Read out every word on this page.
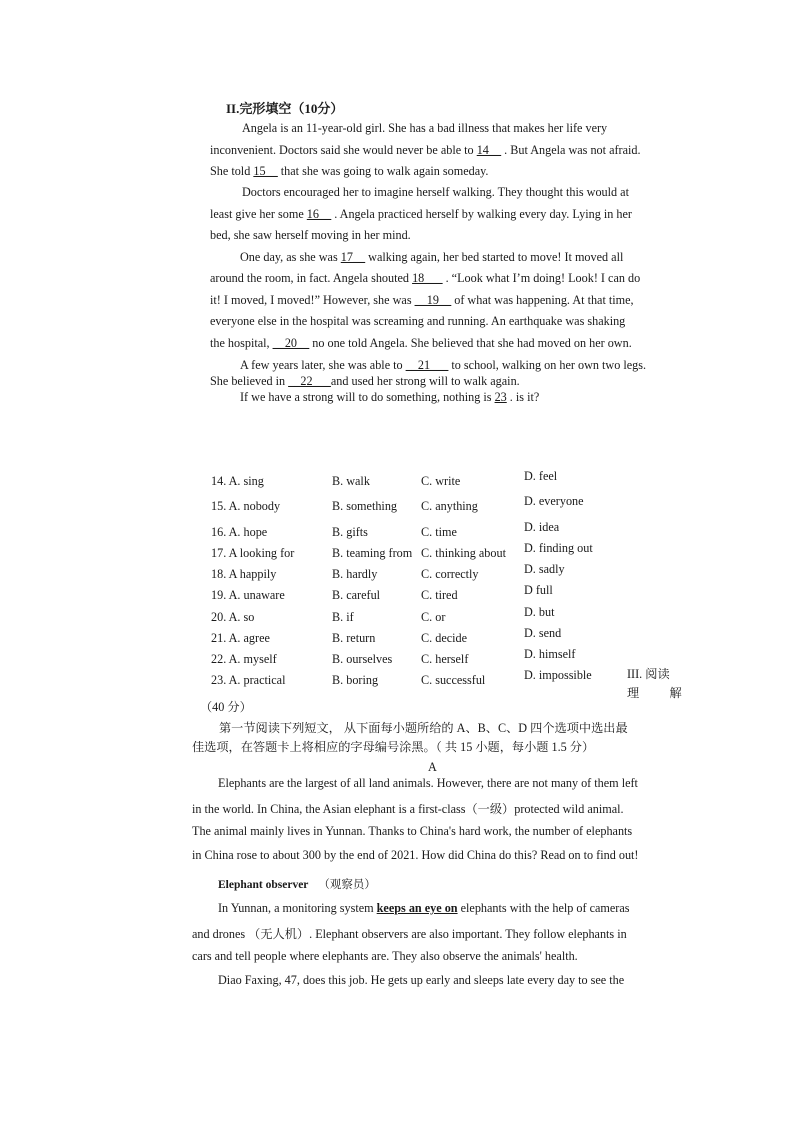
II.完形填空（10分）
Angela is an 11-year-old girl. She has a bad illness that makes her life very
inconvenient. Doctors said she would never be able to 14__ . But Angela was not afraid.
She told 15__ that she was going to walk again someday.
Doctors encouraged her to imagine herself walking. They thought this would at
least give her some 16__ . Angela practiced herself by walking every day. Lying in her
bed, she saw herself moving in her mind.
One day, as she was 17__ walking again, her bed started to move! It moved all
around the room, in fact. Angela shouted 18___ . “Look what I’m doing! Look! I can do
it! I moved, I moved!” However, she was __19__ of what was happening. At that time,
everyone else in the hospital was screaming and running. An earthquake was shaking
the hospital, __20__ no one told Angela. She believed that she had moved on her own.
A few years later, she was able to __21___ to school, walking on her own two legs.
She believed in __22___and used her strong will to walk again.
If we have a strong will to do something, nothing is 23 . is it?
14. A. sing	B. walk	C. write	D. feel
15. A. nobody	B. something C. anything	D. everyone
16. A. hope	B. gifts	C. time	D. idea
17. A looking for	B. teaming from C. thinking about D. finding out
18. A happily	B. hardly	C. correctly	D. sadly
19. A. unaware	B. careful	C. tired	D full
20. A. so	B. if	C. or	D. but
21. A. agree	B. return	C. decide	D. send
22. A. myself	B. ourselves C. herself	D. himself
23. A. practical	B. boring	C. successful	D. impossible	III. 阅读
理　　解
（40 分）
第一节阅读下列短文， 从下面每小题所给的 A、B、C、D 四个选项中选出最
佳选项，在答题卡上将相应的字母编号涂黑。（ 共 15 小题，每小题 1.5 分）
A
Elephants are the largest of all land animals. However, there are not many of them left
in the world. In China, the Asian elephant is a first-class（一级）protected wild animal.
The animal mainly lives in Yunnan. Thanks to China's hard work, the number of elephants
in China rose to about 300 by the end of 2021. How did China do this? Read on to find out!
Elephant observer （观察员）
In Yunnan, a monitoring system keeps an eye on elephants with the help of cameras
and drones （无人机）. Elephant observers are also important. They follow elephants in
cars and tell people where elephants are. They also observe the animals' health.
Diao Faxing, 47, does this job. He gets up early and sleeps late every day to see the
